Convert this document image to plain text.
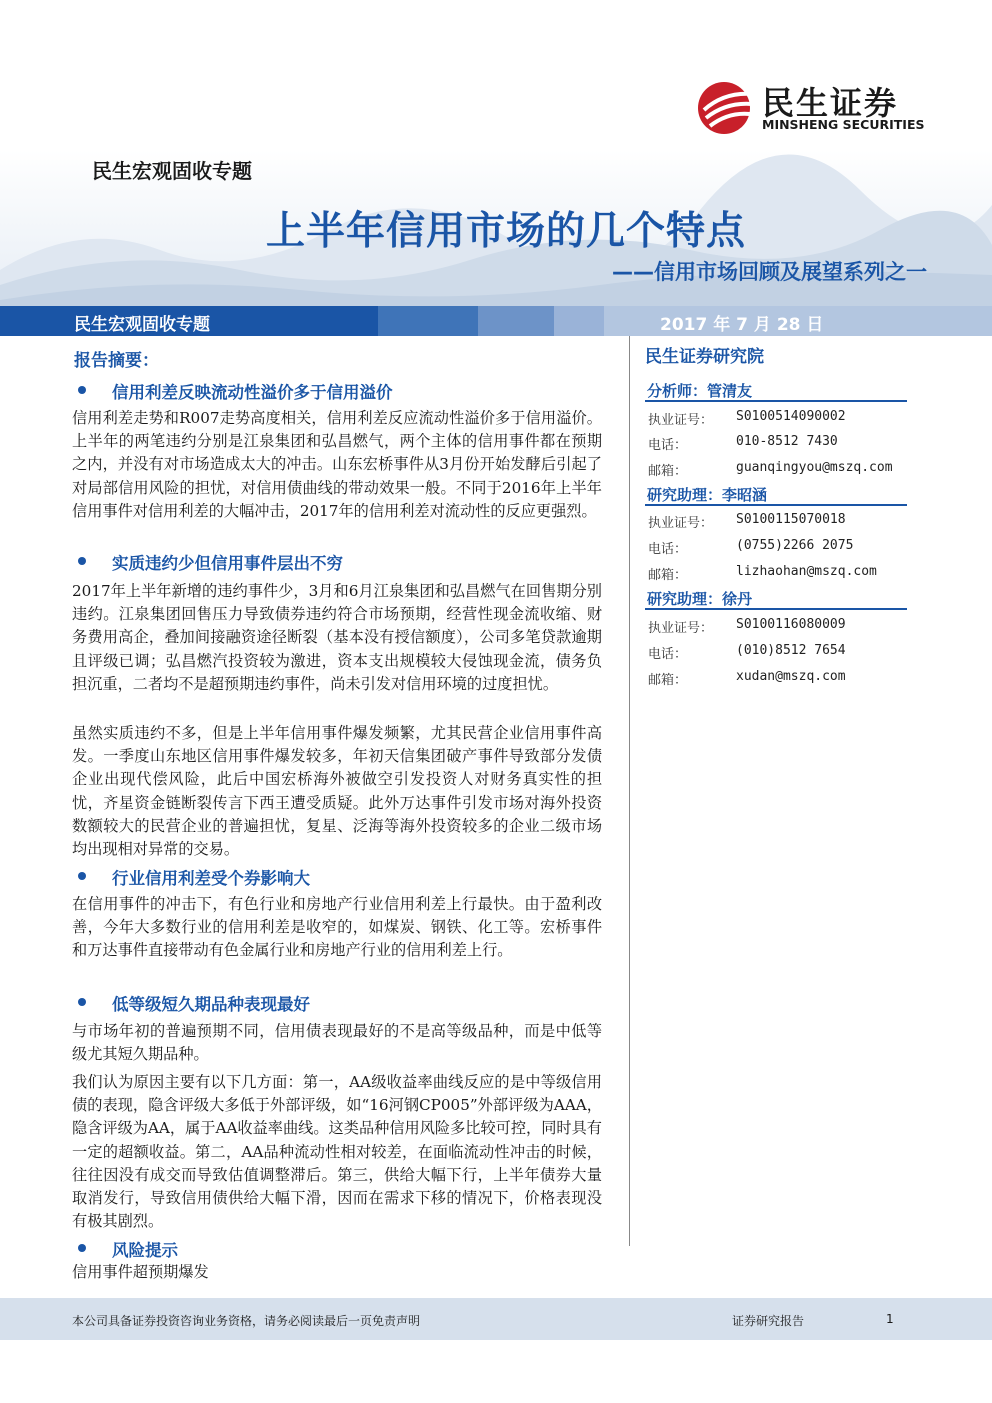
民生证券
MINSHENG SECURITIES
民生宏观固收专题
上半年信用市场的几个特点
——信用市场回顾及展望系列之一
民生宏观固收专题	2017 年 7 月 28 日
报告摘要：
信用利差反映流动性溢价多于信用溢价
信用利差走势和R007走势高度相关，信用利差反应流动性溢价多于信用溢价。上半年的两笔违约分别是江泉集团和弘昌燃气，两个主体的信用事件都在预期之内，并没有对市场造成太大的冲击。山东宏桥事件从3月份开始发酵后引起了对局部信用风险的担忧，对信用债曲线的带动效果一般。不同于2016年上半年信用事件对信用利差的大幅冲击，2017年的信用利差对流动性的反应更强烈。
实质违约少但信用事件层出不穷
2017年上半年新增的违约事件少，3月和6月江泉集团和弘昌燃气在回售期分别违约。江泉集团回售压力导致债券违约符合市场预期，经营性现金流收缩、财务费用高企，叠加间接融资途径断裂（基本没有授信额度），公司多笔贷款逾期且评级已调；弘昌燃汽投资较为激进，资本支出规模较大侵蚀现金流，债务负担沉重，二者均不是超预期违约事件，尚未引发对信用环境的过度担忧。
虽然实质违约不多，但是上半年信用事件爆发频繁，尤其民营企业信用事件高发。一季度山东地区信用事件爆发较多，年初天信集团破产事件导致部分发债企业出现代偿风险，此后中国宏桥海外被做空引发投资人对财务真实性的担忧，齐星资金链断裂传言下西王遭受质疑。此外万达事件引发市场对海外投资数额较大的民营企业的普遍担忧，复星、泛海等海外投资较多的企业二级市场均出现相对异常的交易。
行业信用利差受个券影响大
在信用事件的冲击下，有色行业和房地产行业信用利差上行最快。由于盈利改善，今年大多数行业的信用利差是收窄的，如煤炭、钢铁、化工等。宏桥事件和万达事件直接带动有色金属行业和房地产行业的信用利差上行。
低等级短久期品种表现最好
与市场年初的普遍预期不同，信用债表现最好的不是高等级品种，而是中低等级尤其短久期品种。
我们认为原因主要有以下几方面：第一，AA级收益率曲线反应的是中等级信用债的表现，隐含评级大多低于外部评级，如“16河钢CP005”外部评级为AAA，隐含评级为AA，属于AA收益率曲线。这类品种信用风险多比较可控，同时具有一定的超额收益。第二，AA品种流动性相对较差，在面临流动性冲击的时候，往往因没有成交而导致估值调整滞后。第三，供给大幅下行，上半年债券大量取消发行，导致信用债供给大幅下滑，因而在需求下移的情况下，价格表现没有极其剧烈。
风险提示
信用事件超预期爆发
民生证券研究院
分析师：管清友
执业证号： S0100514090002
电话：	010-8512 7430
邮箱：	guanqingyou@mszq.com
研究助理：李昭涵
执业证号： S0100115070018
电话：	(0755)2266 2075
邮箱：	lizhaohan@mszq.com
研究助理：徐丹
执业证号： S0100116080009
电话：	(010)8512 7654
邮箱：	xudan@mszq.com
本公司具备证券投资咨询业务资格，请务必阅读最后一页免责声明	证券研究报告	1
